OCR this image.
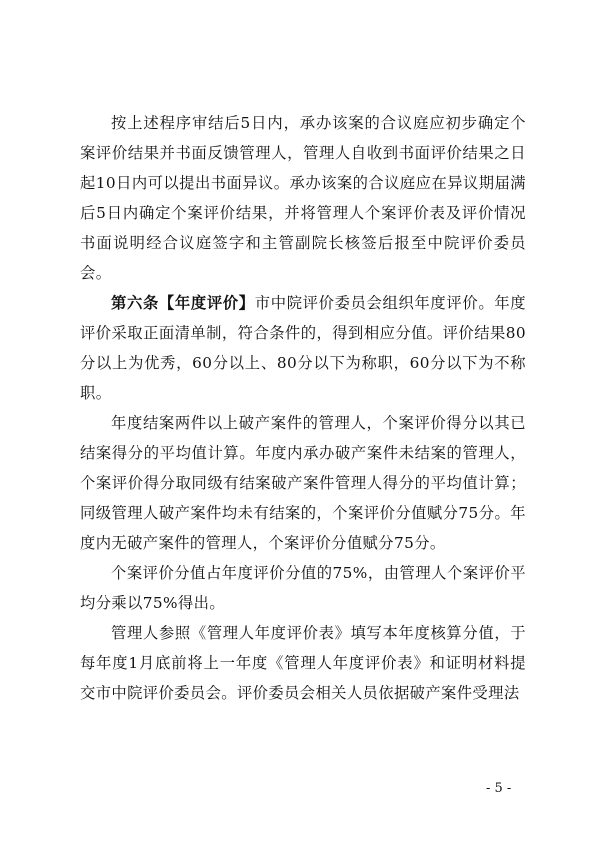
按上述程序审结后5日内，承办该案的合议庭应初步确定个案评价结果并书面反馈管理人，管理人自收到书面评价结果之日起10日内可以提出书面异议。承办该案的合议庭应在异议期届满后5日内确定个案评价结果，并将管理人个案评价表及评价情况书面说明经合议庭签字和主管副院长核签后报至中院评价委员会。

第六条【年度评价】市中院评价委员会组织年度评价。年度评价采取正面清单制，符合条件的，得到相应分值。评价结果80分以上为优秀，60分以上、80分以下为称职，60分以下为不称职。

年度结案两件以上破产案件的管理人，个案评价得分以其已结案得分的平均值计算。年度内承办破产案件未结案的管理人，个案评价得分取同级有结案破产案件管理人得分的平均值计算；同级管理人破产案件均未有结案的，个案评价分值赋分75分。年度内无破产案件的管理人，个案评价分值赋分75分。

个案评价分值占年度评价分值的75%，由管理人个案评价平均分乘以75%得出。

管理人参照《管理人年度评价表》填写本年度核算分值，于每年度1月底前将上一年度《管理人年度评价表》和证明材料提交市中院评价委员会。评价委员会相关人员依据破产案件受理法

- 5 -
